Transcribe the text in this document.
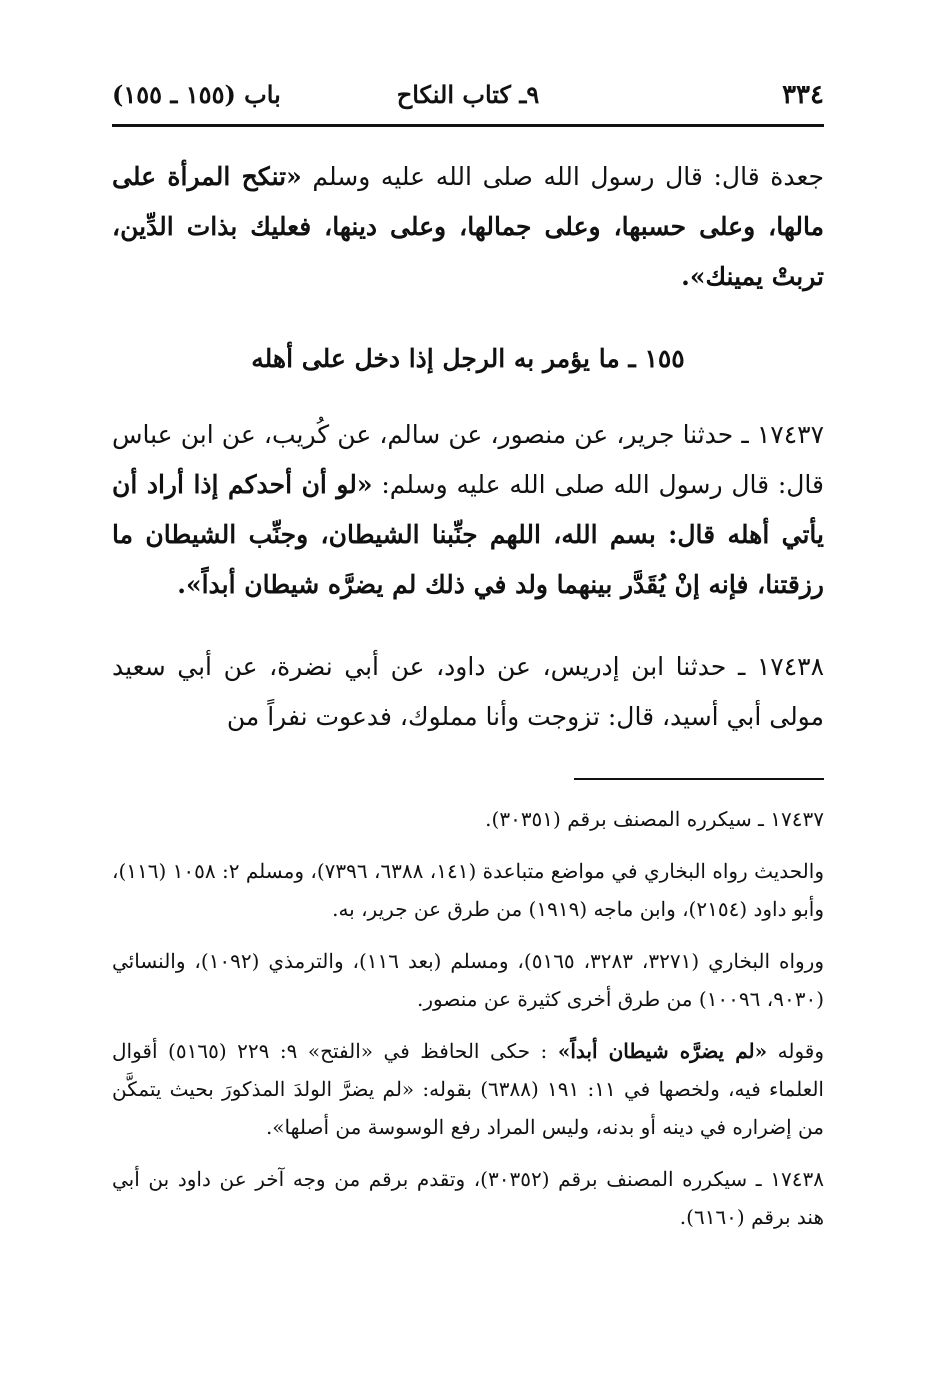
٣٣٤
٩ـ كتاب النكاح
باب (١٥٥ ـ ١٥٥)

جعدة قال: قال رسول الله صلى الله عليه وسلم «تنكح المرأة على مالها، وعلى حسبها، وعلى جمالها، وعلى دينها، فعليك بذات الدِّين، تربتْ يمينك».

١٥٥ ـ ما يؤمر به الرجل إذا دخل على أهله

١٧٤٣٧ ـ حدثنا جرير، عن منصور، عن سالم، عن كُريب، عن ابن عباس قال: قال رسول الله صلى الله عليه وسلم: «لو أن أحدكم إذا أراد أن يأتي أهله قال: بسم الله، اللهم جنِّبنا الشيطان، وجنِّب الشيطان ما رزقتنا، فإنه إنْ يُقَدَّر بينهما ولد في ذلك لم يضرَّه شيطان أبداً».

١٧٤٣٨ ـ حدثنا ابن إدريس، عن داود، عن أبي نضرة، عن أبي سعيد مولى أبي أسيد، قال: تزوجت وأنا مملوك، فدعوت نفراً من

١٧٤٣٧ ـ سيكرره المصنف برقم (٣٠٣٥١).

والحديث رواه البخاري في مواضع متباعدة (١٤١، ٦٣٨٨، ٧٣٩٦)، ومسلم ٢: ١٠٥٨ (١١٦)، وأبو داود (٢١٥٤)، وابن ماجه (١٩١٩) من طرق عن جرير، به.

ورواه البخاري (٣٢٧١، ٣٢٨٣، ٥١٦٥)، ومسلم (بعد ١١٦)، والترمذي (١٠٩٢)، والنسائي (٩٠٣٠، ١٠٠٩٦) من طرق أخرى كثيرة عن منصور.

وقوله «لم يضرَّه شيطان أبداً» : حكى الحافظ في «الفتح» ٩: ٢٢٩ (٥١٦٥) أقوال العلماء فيه، ولخصها في ١١: ١٩١ (٦٣٨٨) بقوله: «لم يضرَّ الولدَ المذكورَ بحيث يتمكَّن من إضراره في دينه أو بدنه، وليس المراد رفع الوسوسة من أصلها».

١٧٤٣٨ ـ سيكرره المصنف برقم (٣٠٣٥٢)، وتقدم برقم من وجه آخر عن داود بن أبي هند برقم (٦١٦٠).
